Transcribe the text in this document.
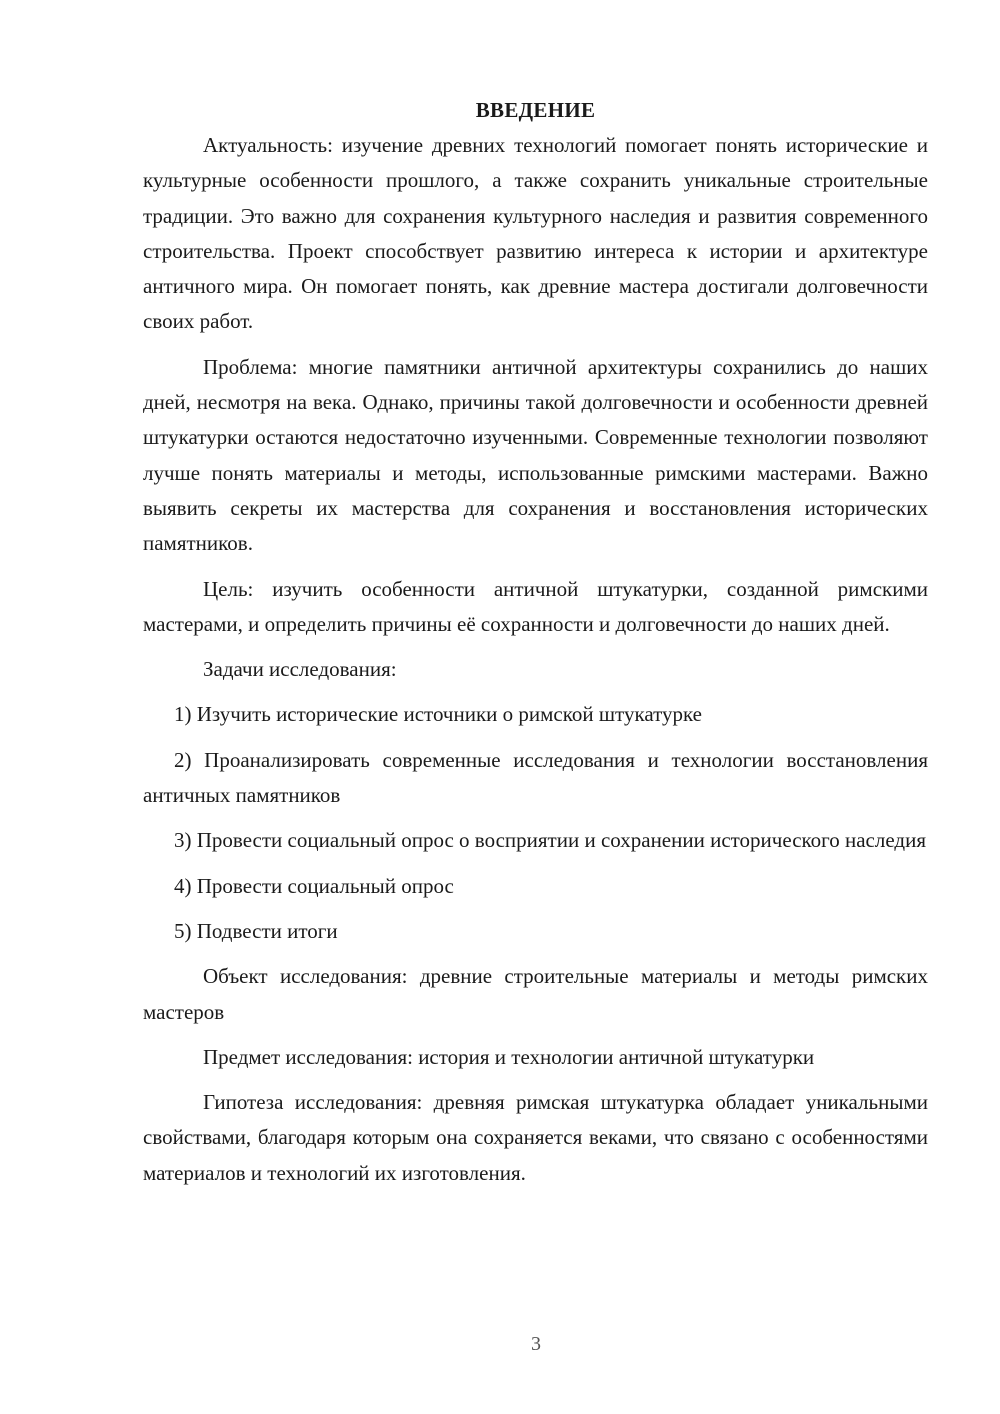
ВВЕДЕНИЕ

Актуальность: изучение древних технологий помогает понять исторические и культурные особенности прошлого, а также сохранить уникальные строительные традиции. Это важно для сохранения культурного наследия и развития современного строительства. Проект способствует развитию интереса к истории и архитектуре античного мира. Он помогает понять, как древние мастера достигали долговечности своих работ.

Проблема: многие памятники античной архитектуры сохранились до наших дней, несмотря на века. Однако, причины такой долговечности и особенности древней штукатурки остаются недостаточно изученными. Современные технологии позволяют лучше понять материалы и методы, использованные римскими мастерами. Важно выявить секреты их мастерства для сохранения и восстановления исторических памятников.

Цель: изучить особенности античной штукатурки, созданной римскими мастерами, и определить причины её сохранности и долговечности до наших дней.

Задачи исследования:

1) Изучить исторические источники о римской штукатурке

2) Проанализировать современные исследования и технологии восстановления античных памятников

3) Провести социальный опрос о восприятии и сохранении исторического наследия

4) Провести социальный опрос

5) Подвести итоги

Объект исследования: древние строительные материалы и методы римских мастеров

Предмет исследования: история и технологии античной штукатурки

Гипотеза исследования: древняя римская штукатурка обладает уникальными свойствами, благодаря которым она сохраняется веками, что связано с особенностями материалов и технологий их изготовления.

3
